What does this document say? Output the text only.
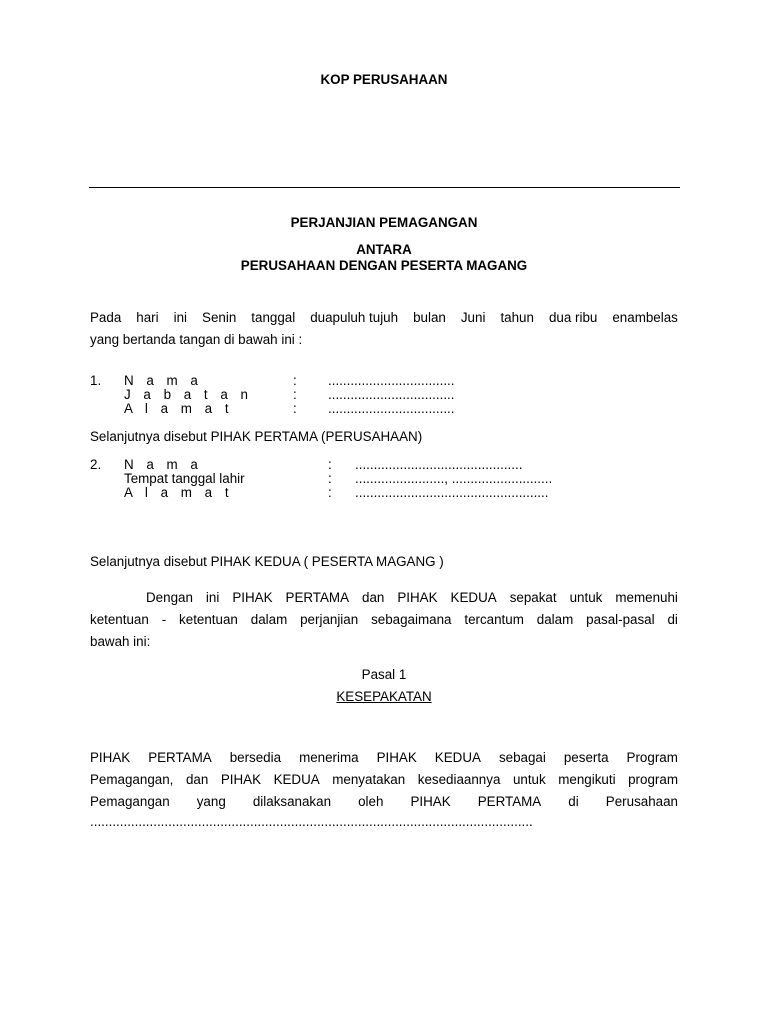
KOP PERUSAHAAN
PERJANJIAN PEMAGANGAN
ANTARA
PERUSAHAAN DENGAN PESERTA MAGANG
Pada hari ini Senin tanggal duapuluh tujuh bulan Juni tahun dua ribu enambelas
yang bertanda tangan di bawah ini :
1. N a m a	: ..................................
J a b a t a n	: ..................................
A l a m a t	: ..................................
Selanjutnya disebut PIHAK PERTAMA (PERUSAHAAN)
2. N a m a	: .............................................
Tempat tanggal lahir	: ........................, ...........................
A l a m a t	: ....................................................
Selanjutnya disebut PIHAK KEDUA ( PESERTA MAGANG )
Dengan ini PIHAK PERTAMA dan PIHAK KEDUA sepakat untuk memenuhi
ketentuan - ketentuan dalam perjanjian sebagaimana tercantum dalam pasal-pasal di
bawah ini:
Pasal 1
KESEPAKATAN
PIHAK PERTAMA bersedia menerima PIHAK KEDUA sebagai peserta Program
Pemagangan, dan PIHAK KEDUA menyatakan kesediaannya untuk mengikuti program
Pemagangan yang dilaksanakan oleh PIHAK PERTAMA di Perusahaan
.......................................................................................................................
